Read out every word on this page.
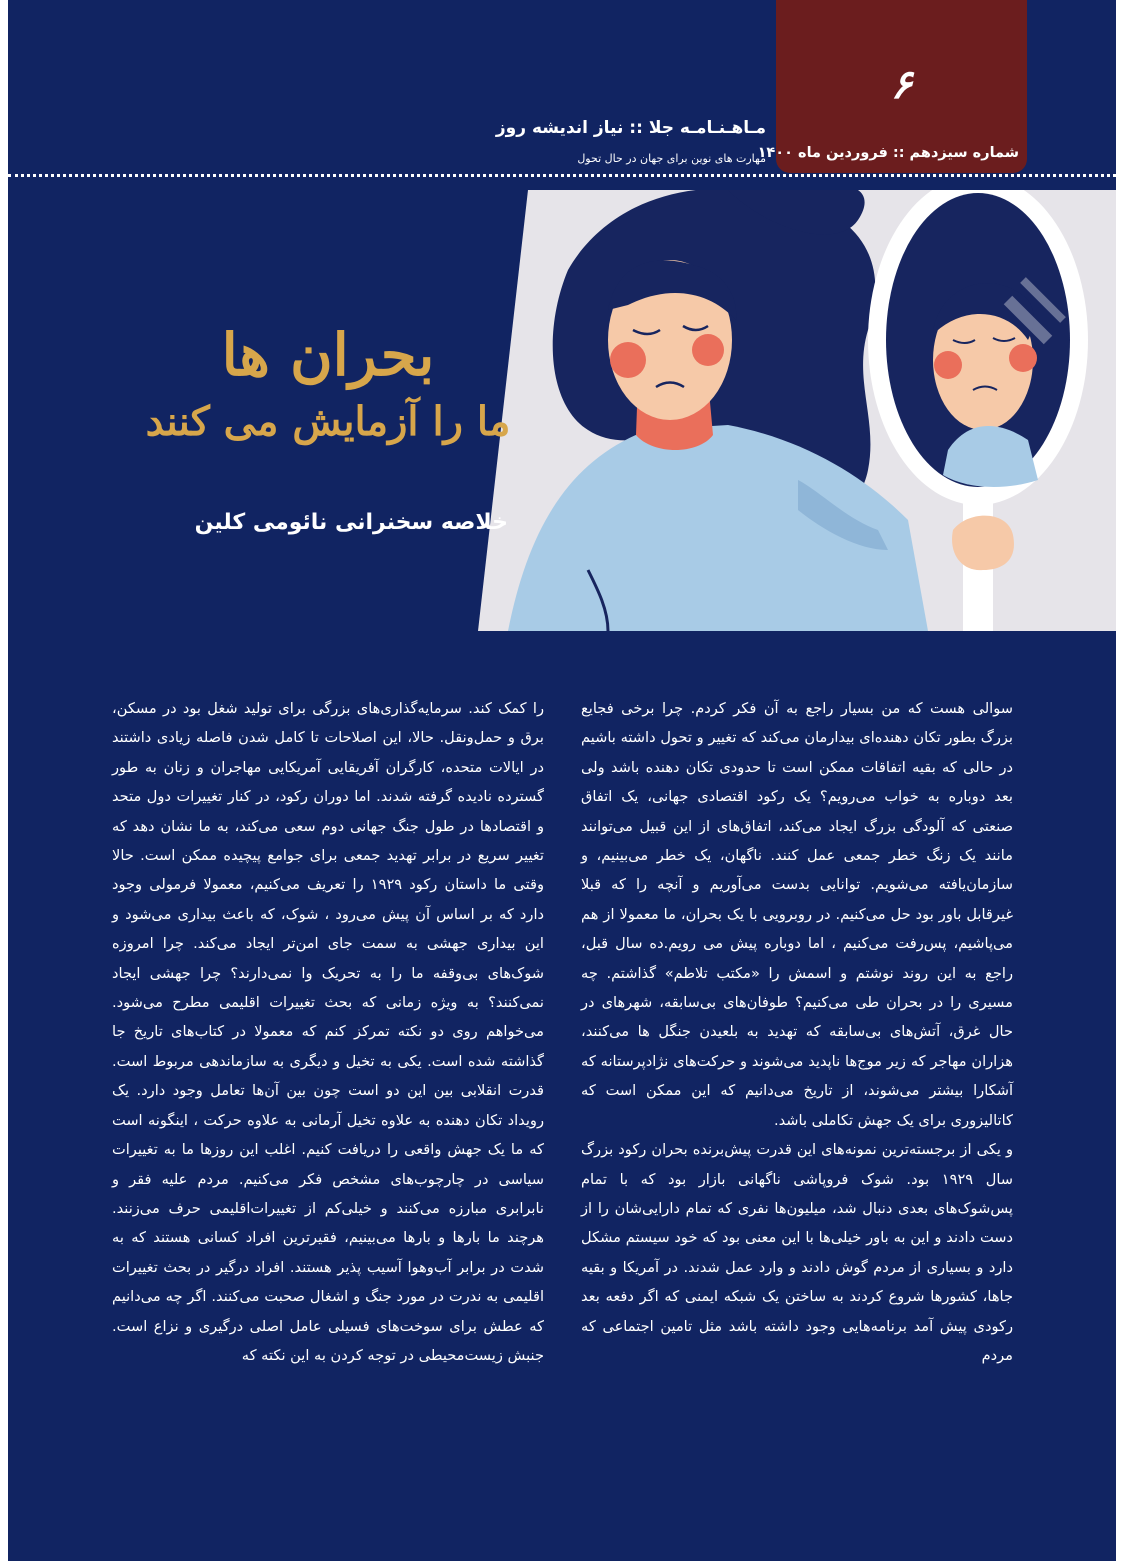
۶
شماره سیزدهم :: فروردین ماه ۱۴۰۰
مـاهـنـامـه جلا :: نیاز اندیشه روز
مهارت های نوین برای جهان در حال تحول
بحران ها
ما را آزمایش می کنند
خلاصه سخنرانی نائومی کلین

سوالی هست که من بسیار راجع به آن فکر کردم. چرا برخی فجایع بزرگ بطور تکان دهنده‌ای بیدارمان می‌کند که تغییر و تحول داشته باشیم در حالی که بقیه اتفاقات ممکن است تا حدودی تکان دهنده باشد ولی بعد دوباره به خواب می‌رویم؟ یک رکود اقتصادی جهانی، یک اتفاق صنعتی که آلودگی بزرگ ایجاد می‌کند، اتفاق‌های از این قبیل می‌توانند مانند یک زنگ خطر جمعی عمل کنند. ناگهان، یک خطر می‌بینیم، و سازمان‌یافته می‌شویم. توانایی بدست می‌آوریم و آنچه را که قبلا غیرقابل باور بود حل می‌کنیم. در روبرویی با یک بحران، ما معمولا از هم می‌پاشیم، پس‌رفت می‌کنیم ، اما دوباره پیش می رویم.ده سال قبل، راجع به این روند نوشتم و اسمش را «مکتب تلاطم» گذاشتم. چه مسیری را در بحران طی می‌کنیم؟ طوفان‌های بی‌سابقه، شهرهای در حال غرق، آتش‌های بی‌سابقه که تهدید به بلعیدن جنگل ها می‌کنند، هزاران مهاجر که زیر موج‌ها ناپدید می‌شوند و حرکت‌های نژادپرستانه که آشکارا بیشتر می‌شوند، از تاریخ می‌دانیم که این ممکن است که کاتالیزوری برای یک جهش تکاملی باشد.

و یکی از برجسته‌ترین نمونه‌های این قدرت پیش‌برنده بحران رکود بزرگ سال ۱۹۲۹ بود. شوک فروپاشی ناگهانی بازار بود که با تمام پس‌شوک‌های بعدی دنبال شد، میلیون‌ها نفری که تمام دارایی‌شان را از دست دادند و این به باور خیلی‌ها با این معنی بود که خود سیستم مشکل دارد و بسیاری از مردم گوش دادند و وارد عمل شدند. در آمریکا و بقیه جاها، کشورها شروع کردند به ساختن یک شبکه ایمنی که اگر دفعه بعد رکودی پیش آمد برنامه‌هایی وجود داشته باشد مثل تامین اجتماعی که مردم

را کمک کند. سرمایه‌گذاری‌های بزرگی برای تولید شغل بود در مسکن، برق و حمل‌ونقل. حالا، این اصلاحات تا کامل شدن فاصله زیادی داشتند در ایالات متحده، کارگران آفریقایی آمریکایی مهاجران و زنان به طور گسترده نادیده گرفته شدند. اما دوران رکود، در کنار تغییرات دول متحد و اقتصادها در طول جنگ جهانی دوم سعی می‌کند، به ما نشان دهد که تغییر سریع در برابر تهدید جمعی برای جوامع پیچیده ممکن است. حالا وقتی ما داستان رکود ۱۹۲۹ را تعریف می‌کنیم، معمولا فرمولی وجود دارد که بر اساس آن پیش می‌رود ، شوک، که باعث بیداری می‌شود و این بیداری جهشی به سمت جای امن‌تر ایجاد می‌کند. چرا امروزه شوک‌های بی‌وقفه ما را به تحریک وا نمی‌دارند؟ چرا جهشی ایجاد نمی‌کنند؟ به ویژه زمانی که بحث تغییرات اقلیمی مطرح می‌شود. می‌خواهم روی دو نکته تمرکز کنم که معمولا در کتاب‌های تاریخ جا گذاشته شده است. یکی به تخیل و دیگری به سازماندهی مربوط است. قدرت انقلابی بین این دو است چون بین آن‌ها تعامل وجود دارد. یک رویداد تکان دهنده به علاوه تخیل آرمانی به علاوه حرکت ، اینگونه است که ما یک جهش واقعی را دریافت کنیم. اغلب این روزها ما به تغییرات سیاسی در چارچوب‌های مشخص فکر می‌کنیم. مردم علیه فقر و نابرابری مبارزه می‌کنند و خیلی‌کم از تغییرات‌اقلیمی حرف می‌زنند. هرچند ما بارها و بارها می‌بینیم، فقیرترین افراد کسانی هستند که به شدت در برابر آب‌وهوا آسیب پذیر هستند. افراد درگیر در بحث تغییرات اقلیمی به ندرت در مورد جنگ و اشغال صحبت می‌کنند. اگر چه می‌دانیم که عطش برای سوخت‌های فسیلی عامل اصلی درگیری و نزاع است. جنبش زیست‌محیطی در توجه کردن به این نکته که
